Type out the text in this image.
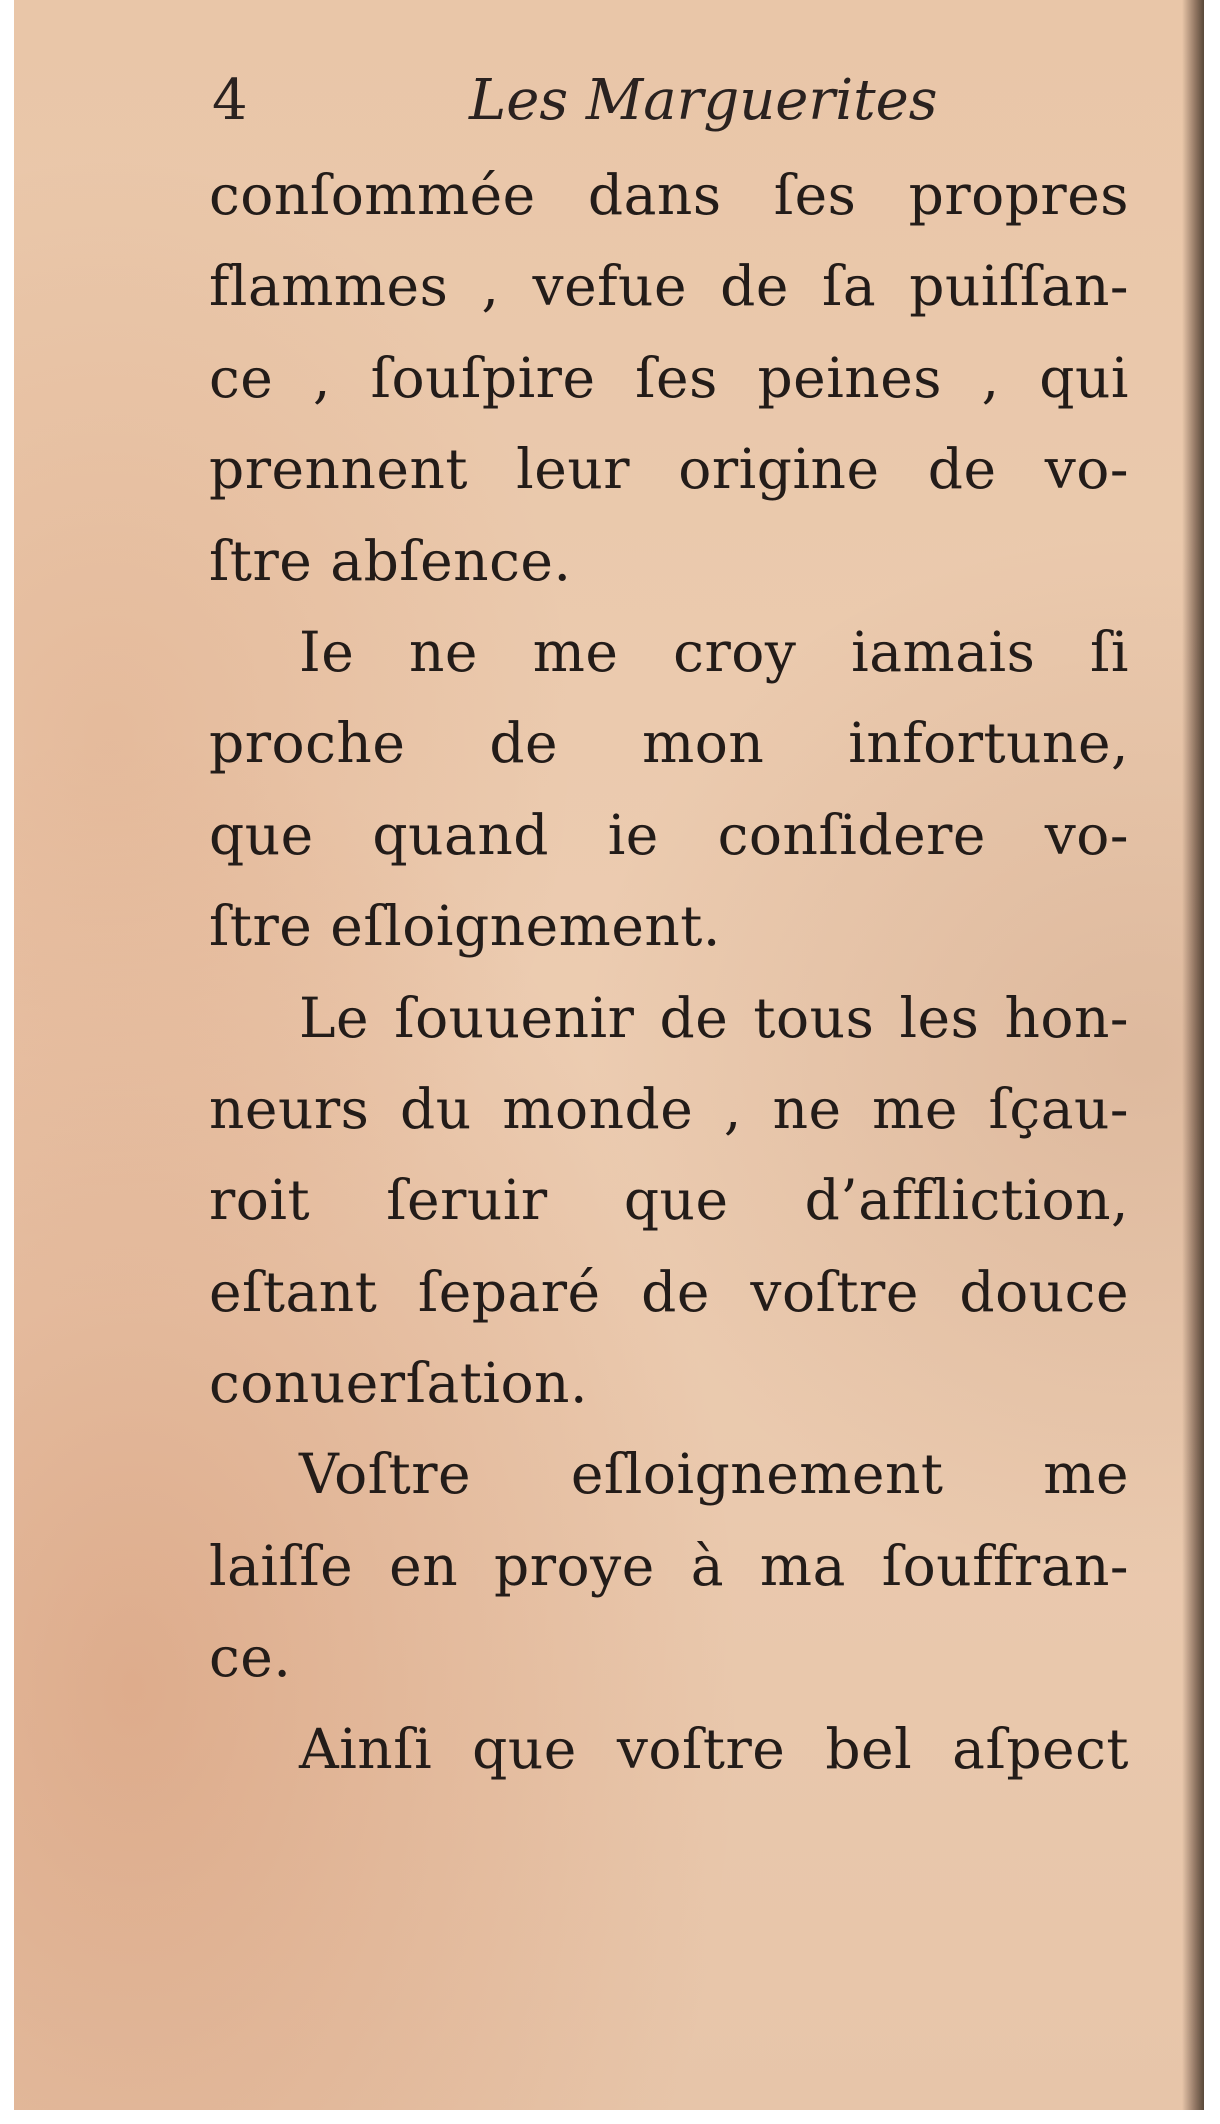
4	Les Marguerites
conſommée dans ſes propres
flammes , vefue de ſa puiſſan-
ce , ſouſpire ſes peines , qui
prennent leur origine de vo-
ſtre abſence.
Ie ne me croy iamais ſi
proche de mon infortune,
que quand ie conſidere vo-
ſtre eſloignement.
Le ſouuenir de tous les hon-
neurs du monde , ne me ſçau-
roit ſeruir que d’affliction,
eſtant ſeparé de voſtre douce
conuerſation.
Voſtre eſloignement me
laiſſe en proye à ma ſouffran-
ce.
Ainſi que voſtre bel aſpect
